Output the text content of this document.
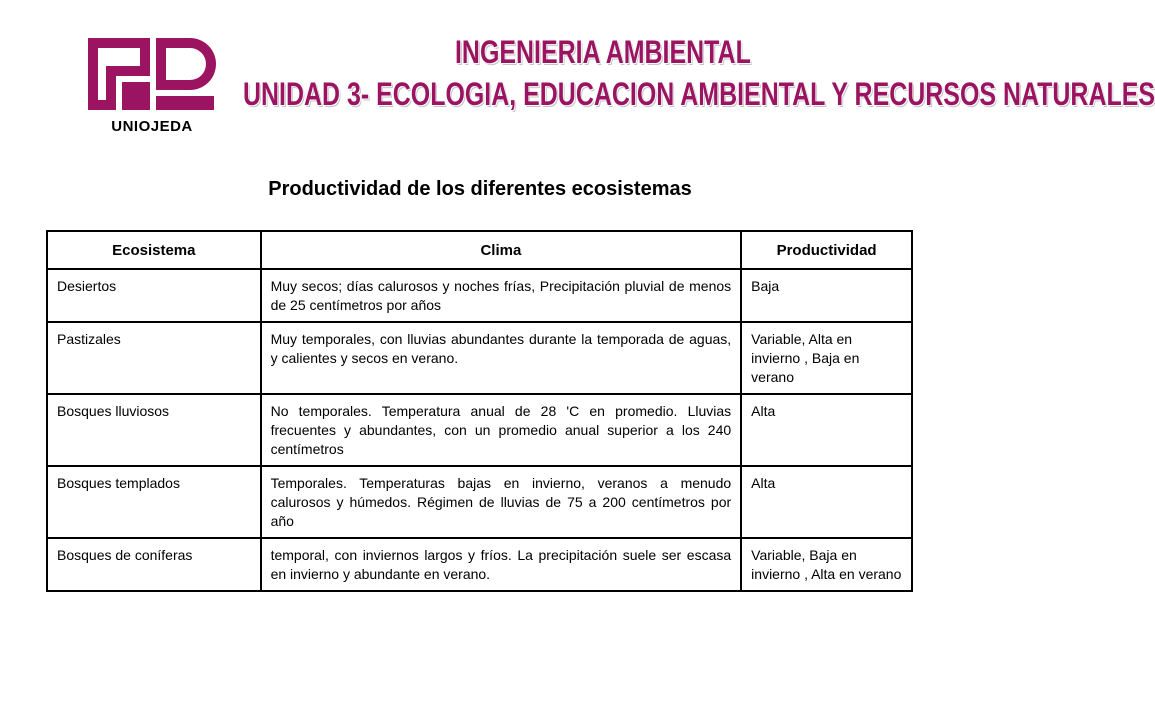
UNIOJEDA
INGENIERIA AMBIENTAL
UNIDAD 3- ECOLOGIA, EDUCACION AMBIENTAL Y RECURSOS NATURALES
Productividad de los diferentes ecosistemas
Ecosistema	Clima	Productividad
Desiertos	Muy secos; días calurosos y noches frías, Precipitación pluvial de menos de 25 centímetros por años	Baja
Pastizales	Muy temporales, con lluvias abundantes durante la temporada de aguas, y calientes y secos en verano.	Variable, Alta en invierno , Baja en verano
Bosques lluviosos	No temporales. Temperatura anual de 28 'C en promedio. Lluvias frecuentes y abundantes, con un promedio anual superior a los 240 centímetros	Alta
Bosques templados	Temporales. Temperaturas bajas en invierno, veranos a menudo calurosos y húmedos. Régimen de lluvias de 75 a 200 centímetros por año	Alta
Bosques de coníferas	temporal, con inviernos largos y fríos. La precipitación suele ser escasa en invierno y abundante en verano.	Variable, Baja en invierno , Alta en verano
